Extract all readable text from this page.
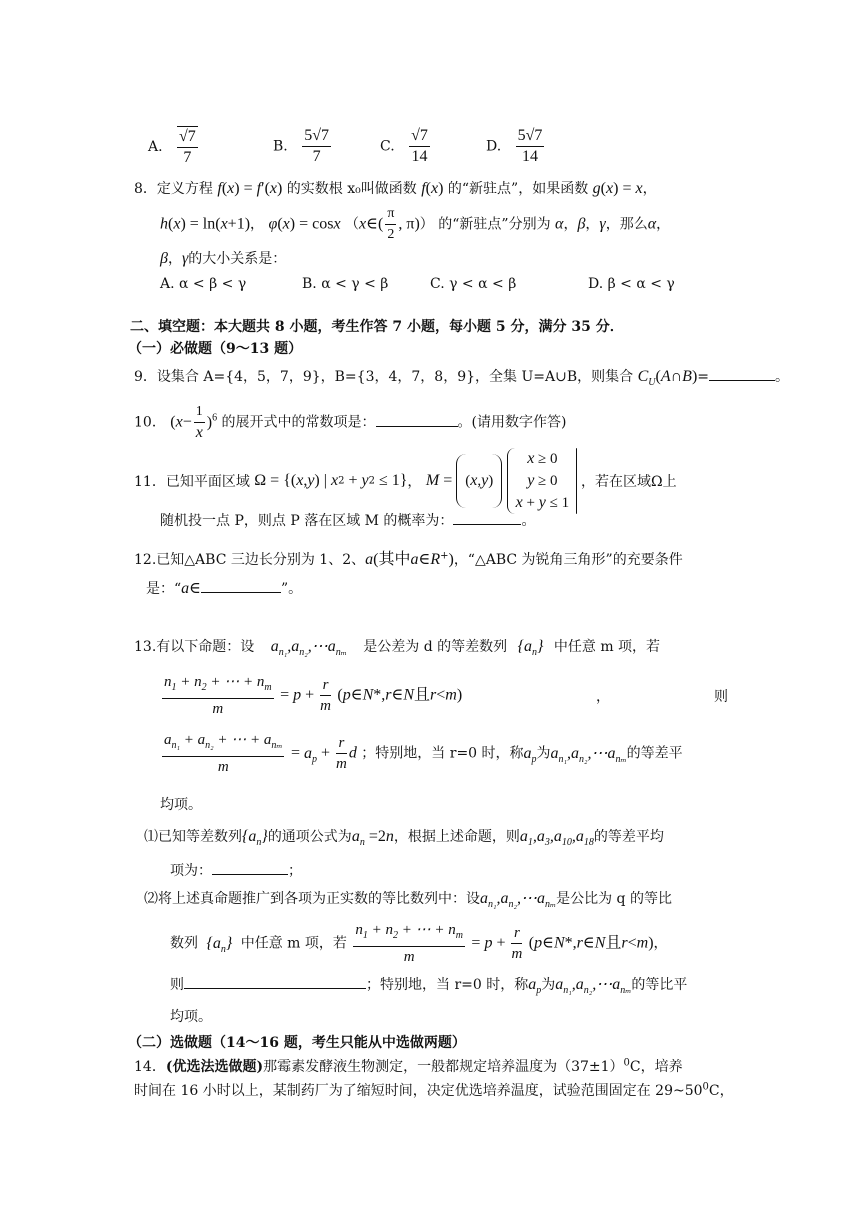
A. $\frac{√7}{7}$	B. $\frac{5√7}{7}$	C. $\frac{√7}{14}$	D. $\frac{5√7}{14}$
8．定义方程 f(x) = f′(x) 的实数根 x₀叫做函数 f(x) 的“新驻点”，如果函数 g(x) = x，
h(x) = ln(x+1)， φ(x) = cosx （x∈( $\frac{\pi}{2}$ , π)） 的“新驻点”分别为 α，β，γ，那么α，
β，γ的大小关系是：
A. α < β < γ	B. α < γ < β	C. γ < α < β	D. β < α < γ
二、填空题：本大题共 8 小题，考生作答 7 小题，每小题 5 分，满分 35 分．
（一）必做题（9～13 题）
9．设集合 A={4，5，7，9}，B={3，4，7，8，9}，全集 U=A∪B，则集合 $C_U(A\cap B)=$	。
10． $(x- \frac{1}{x} )^6$ 的展开式中的常数项是：	。(请用数字作答)
11．已知平面区域 Ω = {(x,y) | x2 + y2 ≤ 1}， M = (x,y)
x ≥ 0
y ≥ 0
x + y ≤ 1
，若在区域Ω上
随机投一点 P，则点 P 落在区域 M 的概率为：	。
12.已知△ABC 三边长分别为 1、2、a(其中a∈R+)，“△ABC 为锐角三角形”的充要条件
是：“a∈	”。
13.有以下命题：设 $a_{n_1},a_{n_2},\cdots a_{n_m}$ 是公差为 d 的等差数列 $\{a_n\}$ 中任意 m 项，若
$\frac{n_1 + n_2 + \cdots + n_m}{m} = p + \frac{r}{m}$ (p∈N*,r∈N且r<m)	，	则
$\frac{a_{n_1} + a_{n_2} + \cdots + a_{n_m}}{m} = a_p + \frac{r}{m}$ d ；特别地，当 r=0 时，称$a_p$为$a_{n_1},a_{n_2},\cdots a_{n_m}$的等差平
均项。
⑴已知等差数列$\{a_n\}$的通项公式为$a_n =2n$，根据上述命题，则$a_1,a_3,a_{10},a_{18}$的等差平均
项为：	；
⑵将上述真命题推广到各项为正实数的等比数列中：设$a_{n_1},a_{n_2},\cdots a_{n_m}$是公比为 q 的等比
数列 $\{a_n\}$ 中任意 m 项，若 $\frac{n_1 + n_2 + \cdots + n_m}{m} = p + \frac{r}{m}$ (p∈N*,r∈N且r<m)，
则	；特别地，当 r=0 时，称$a_p$为$a_{n_1},a_{n_2},\cdots a_{n_m}$的等比平
均项。
（二）选做题（14～16 题，考生只能从中选做两题）
14．(优选法选做题)那霉素发酵液生物测定，一般都规定培养温度为$(37\pm 1)^0C$，培养
时间在 16 小时以上，某制药厂为了缩短时间，决定优选培养温度，试验范围固定在 $29\sim 50^0C$，
